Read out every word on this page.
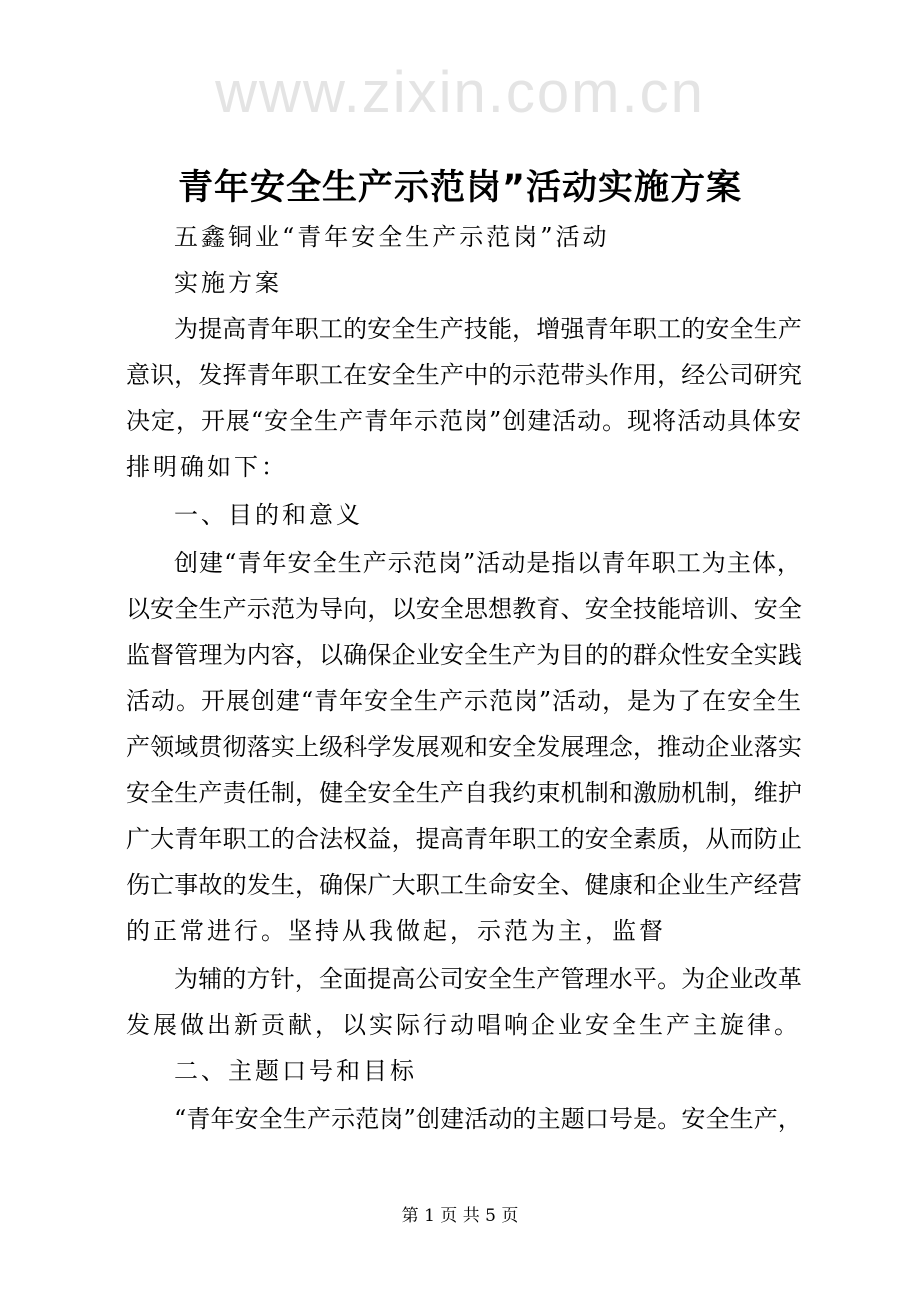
www.zixin.com.cn
青年安全生产示范岗”活动实施方案
五鑫铜业“青年安全生产示范岗”活动
实施方案
为提高青年职工的安全生产技能，增强青年职工的安全生产
意识，发挥青年职工在安全生产中的示范带头作用，经公司研究
决定，开展“安全生产青年示范岗”创建活动。现将活动具体安
排明确如下：
一、目的和意义
创建“青年安全生产示范岗”活动是指以青年职工为主体，
以安全生产示范为导向，以安全思想教育、安全技能培训、安全
监督管理为内容，以确保企业安全生产为目的的群众性安全实践
活动。开展创建“青年安全生产示范岗”活动，是为了在安全生
产领域贯彻落实上级科学发展观和安全发展理念，推动企业落实
安全生产责任制，健全安全生产自我约束机制和激励机制，维护
广大青年职工的合法权益，提高青年职工的安全素质，从而防止
伤亡事故的发生，确保广大职工生命安全、健康和企业生产经营
的正常进行。坚持从我做起，示范为主，监督
为辅的方针，全面提高公司安全生产管理水平。为企业改革
发展做出新贡献，以实际行动唱响企业安全生产主旋律。
二、主题口号和目标
“青年安全生产示范岗”创建活动的主题口号是。安全生产，
第 1 页 共 5 页
